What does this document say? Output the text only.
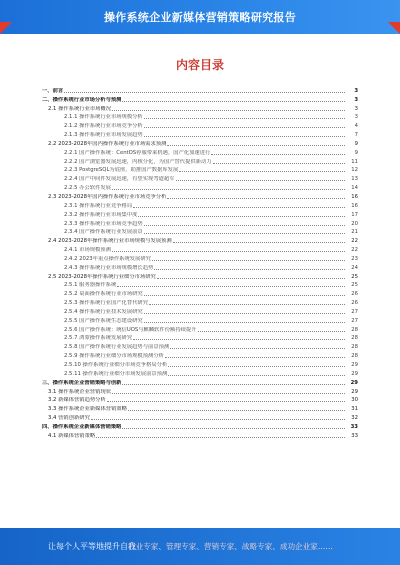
操作系统企业新媒体营销策略研究报告
内容目录
一、前言	3
二、操作系统行业市场分析与预测	3
2.1 操作系统行业市场概况	3
2.1.1 操作系统行业市场规模分析	3
2.1.2 操作系统行业市场竞争分析	4
2.1.3 操作系统行业市场发展趋势	7
2.2 2023-2028年国内操作系统行业市场需求预测	9
2.2.1 国产操作系统：CentOS停服带来机遇，国产化加速进行	9
2.2.2 国产浏览器发展迅速，内核分化，为国产替代提供新动力	11
2.2.3 PostgreSQL为底座，助推国产数据库发展	12
2.2.4 国产中间件发展迅速，有望实现弯道超车	13
2.2.5 办公软件发展	14
2.3 2023-2028年国内操作系统行业市场竞争分析	16
2.3.1 操作系统行业竞争格局	16
2.3.2 操作系统行业市场集中度	17
2.3.3 操作系统行业市场竞争趋势	20
2.3.4 国产操作系统行业发展前景	21
2.4 2023-2028年操作系统行业市场规模与发展预测	22
2.4.1 市场规模预测	22
2.4.2 2023年重点操作系统发展研究	23
2.4.3 操作系统行业市场规模增长趋势	24
2.5 2023-2028年操作系统行业细分市场研究	25
2.5.1 服务器操作系统	25
2.5.2 桌面操作系统行业市场研究	26
2.5.3 操作系统行业国产化替代研究	26
2.5.4 操作系统行业技术发展研究	27
2.5.5 国产操作系统生态建设研究	27
2.5.6 国产操作系统：统信UOS与麒麟软件份额持续提升	28
2.5.7 鸿蒙操作系统发展研究	28
2.5.8 国产操作系统行业发展趋势与前景预测	28
2.5.9 操作系统行业细分市场规模预测分析	28
2.5.10 操作系统行业细分市场竞争格局分析	29
2.5.11 操作系统行业细分市场发展前景预测	29
三、操作系统企业营销策略与创新	29
3.1 操作系统企业营销现状	29
3.2 新媒体营销趋势分析	30
3.3 操作系统企业新媒体营销策略	31
3.4 营销创新研究	32
四、操作系统企业新媒体营销策略	33
4.1 新媒体营销策略	33
让每个人平等地提升自我
行业专家、管理专家、营销专家、战略专家、成功企业家……
